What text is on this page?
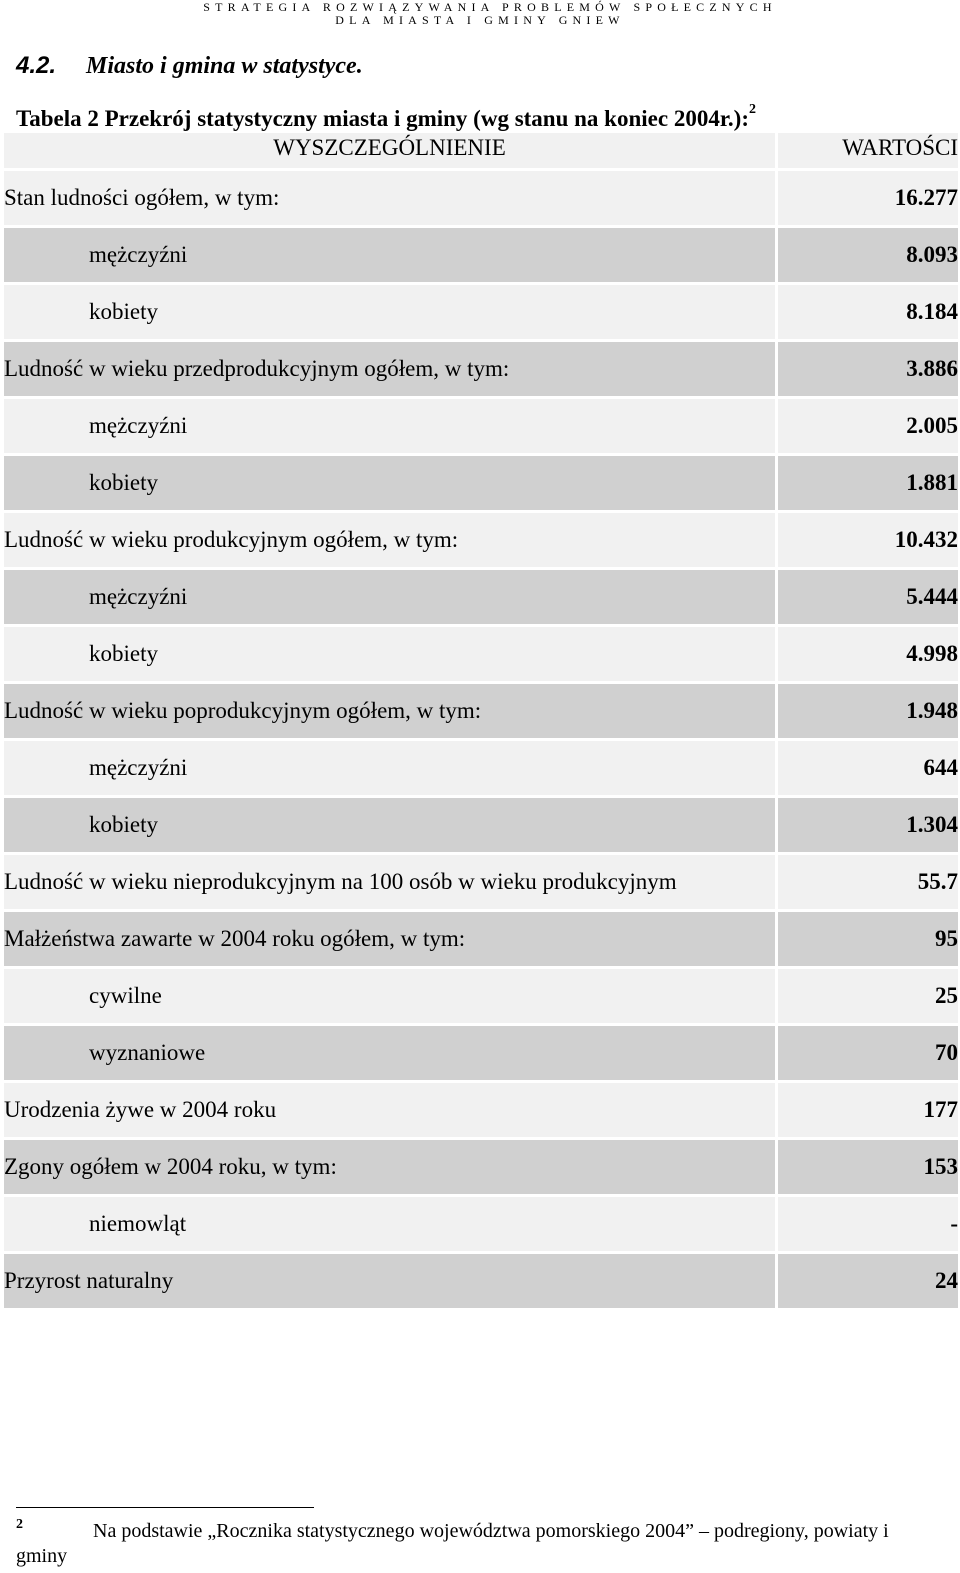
STRATEGIA ROZWIĄZYWANIA PROBLEMÓW SPOŁECZNYCH
DLA MIASTA I GMINY GNIEW
4.2. Miasto i gmina w statystyce.
Tabela 2 Przekrój statystyczny miasta i gminy (wg stanu na koniec 2004r.):$^2$
WYSZCZEGÓLNIENIE	WARTOŚCI
Stan ludności ogółem, w tym:	16.277
mężczyźni	8.093
kobiety	8.184
Ludność w wieku przedprodukcyjnym ogółem, w tym:	3.886
mężczyźni	2.005
kobiety	1.881
Ludność w wieku produkcyjnym ogółem, w tym:	10.432
mężczyźni	5.444
kobiety	4.998
Ludność w wieku poprodukcyjnym ogółem, w tym:	1.948
mężczyźni	644
kobiety	1.304
Ludność w wieku nieprodukcyjnym na 100 osób w wieku produkcyjnym	55.7
Małżeństwa zawarte w 2004 roku ogółem, w tym:	95
cywilne	25
wyznaniowe	70
Urodzenia żywe w 2004 roku	177
Zgony ogółem w 2004 roku, w tym:	153
niemowląt	-
Przyrost naturalny	24
2	Na podstawie „Rocznika statystycznego województwa pomorskiego 2004” – podregiony, powiaty i
gminy
